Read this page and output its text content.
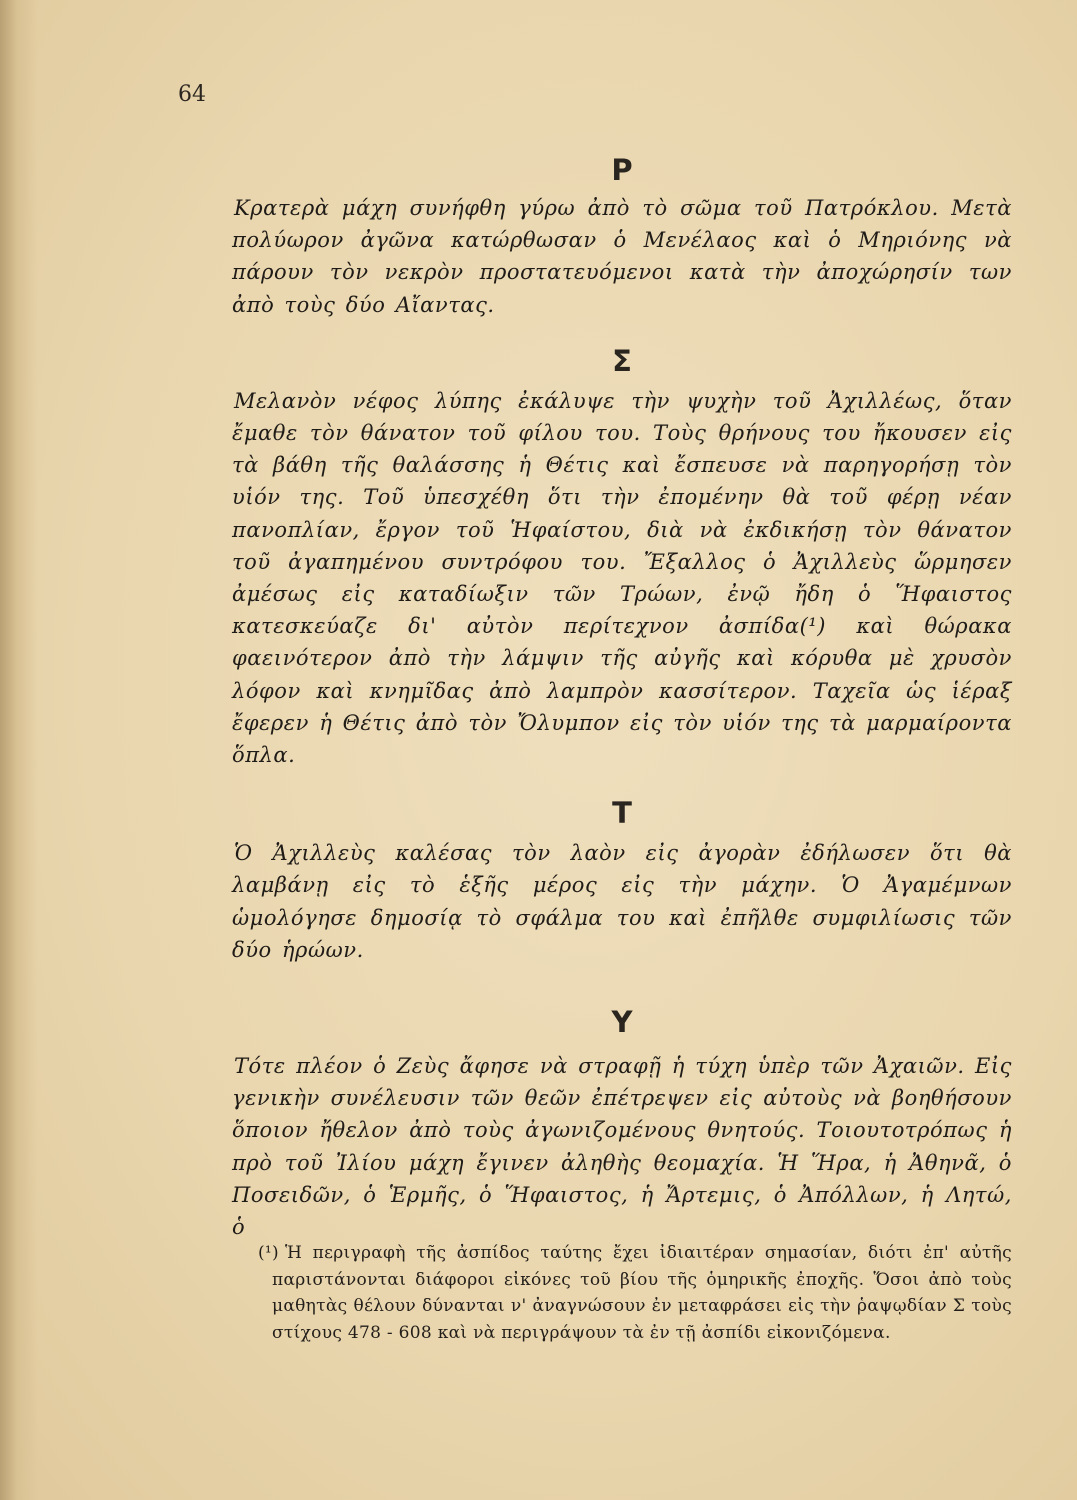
64
P

Κρατερὰ μάχη συνήφθη γύρω ἀπὸ τὸ σῶμα τοῦ Πατρόκλου. Μετὰ πολύωρον ἀγῶνα κατώρθωσαν ὁ Μενέλαος καὶ ὁ Μηριόνης νὰ πάρουν τὸν νεκρὸν προστατευόμενοι κατὰ τὴν ἀποχώρησίν των ἀπὸ τοὺς δύο Αἴαντας.

Σ

Μελανὸν νέφος λύπης ἐκάλυψε τὴν ψυχὴν τοῦ Ἀχιλλέως, ὅταν ἔμαθε τὸν θάνατον τοῦ φίλου του. Τοὺς θρήνους του ἤκουσεν εἰς τὰ βάθη τῆς θαλάσσης ἡ Θέτις καὶ ἔσπευσε νὰ παρηγορήσῃ τὸν υἱόν της. Τοῦ ὑπεσχέθη ὅτι τὴν ἐπομένην θὰ τοῦ φέρῃ νέαν πανοπλίαν, ἔργον τοῦ Ἡφαίστου, διὰ νὰ ἐκδικήσῃ τὸν θάνατον τοῦ ἀγαπημένου συντρόφου του. Ἔξαλλος ὁ Ἀχιλλεὺς ὥρμησεν ἀμέσως εἰς καταδίωξιν τῶν Τρώων, ἐνῷ ἤδη ὁ Ἥφαιστος κατεσκεύαζε δι' αὐτὸν περίτεχνον ἀσπίδα(¹) καὶ θώρακα φαεινότερον ἀπὸ τὴν λάμψιν τῆς αὐγῆς καὶ κόρυθα μὲ χρυσὸν λόφον καὶ κνημῖδας ἀπὸ λαμπρὸν κασσίτερον. Ταχεῖα ὡς ἱέραξ ἔφερεν ἡ Θέτις ἀπὸ τὸν Ὄλυμπον εἰς τὸν υἱόν της τὰ μαρμαίροντα ὅπλα.

T

Ὁ Ἀχιλλεὺς καλέσας τὸν λαὸν εἰς ἀγορὰν ἐδήλωσεν ὅτι θὰ λαμβάνῃ εἰς τὸ ἑξῆς μέρος εἰς τὴν μάχην. Ὁ Ἀγαμέμνων ὡμολόγησε δημοσίᾳ τὸ σφάλμα του καὶ ἐπῆλθε συμφιλίωσις τῶν δύο ἡρώων.

Y

Τότε πλέον ὁ Ζεὺς ἄφησε νὰ στραφῇ ἡ τύχη ὑπὲρ τῶν Ἀχαιῶν. Εἰς γενικὴν συνέλευσιν τῶν θεῶν ἐπέτρεψεν εἰς αὐτοὺς νὰ βοηθήσουν ὅποιον ἤθελον ἀπὸ τοὺς ἀγωνιζομένους θνητούς. Τοιουτοτρόπως ἡ πρὸ τοῦ Ἰλίου μάχη ἔγινεν ἀληθὴς θεομαχία. Ἡ Ἥρα, ἡ Ἀθηνᾶ, ὁ Ποσειδῶν, ὁ Ἑρμῆς, ὁ Ἥφαιστος, ἡ Ἄρτεμις, ὁ Ἀπόλλων, ἡ Λητώ, ὁ

(¹) Ἡ περιγραφὴ τῆς ἀσπίδος ταύτης ἔχει ἰδιαιτέραν σημασίαν, διότι ἐπ' αὐτῆς παριστάνονται διάφοροι εἰκόνες τοῦ βίου τῆς ὁμηρικῆς ἐποχῆς. Ὅσοι ἀπὸ τοὺς μαθητὰς θέλουν δύνανται ν' ἀναγνώσουν ἐν μεταφράσει εἰς τὴν ῥαψῳδίαν Σ τοὺς στίχους 478 - 608 καὶ νὰ περιγράψουν τὰ ἐν τῇ ἀσπίδι εἰκονιζόμενα.
